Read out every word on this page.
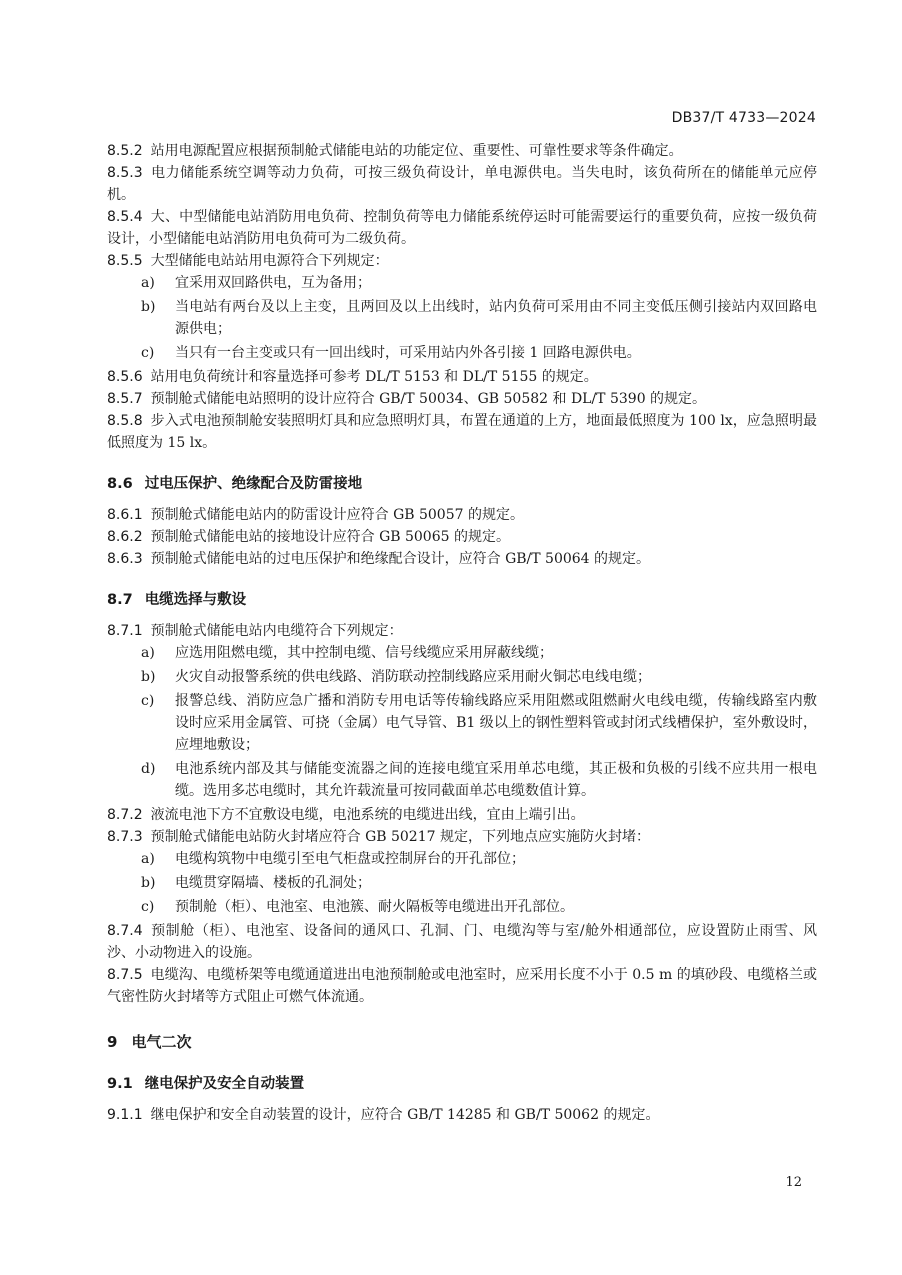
DB37/T 4733—2024

8.5.2 站用电源配置应根据预制舱式储能电站的功能定位、重要性、可靠性要求等条件确定。

8.5.3 电力储能系统空调等动力负荷，可按三级负荷设计，单电源供电。当失电时，该负荷所在的储能单元应停机。

8.5.4 大、中型储能电站消防用电负荷、控制负荷等电力储能系统停运时可能需要运行的重要负荷，应按一级负荷设计，小型储能电站消防用电负荷可为二级负荷。

8.5.5 大型储能电站站用电源符合下列规定：

a)	宜采用双回路供电，互为备用；
b)	当电站有两台及以上主变，且两回及以上出线时，站内负荷可采用由不同主变低压侧引接站内双回路电源供电；
c)	当只有一台主变或只有一回出线时，可采用站内外各引接 1 回路电源供电。

8.5.6 站用电负荷统计和容量选择可参考 DL/T 5153 和 DL/T 5155 的规定。

8.5.7 预制舱式储能电站照明的设计应符合 GB/T 50034、GB 50582 和 DL/T 5390 的规定。

8.5.8 步入式电池预制舱安装照明灯具和应急照明灯具，布置在通道的上方，地面最低照度为 100 lx，应急照明最低照度为 15 lx。

8.6 过电压保护、绝缘配合及防雷接地

8.6.1 预制舱式储能电站内的防雷设计应符合 GB 50057 的规定。

8.6.2 预制舱式储能电站的接地设计应符合 GB 50065 的规定。

8.6.3 预制舱式储能电站的过电压保护和绝缘配合设计，应符合 GB/T 50064 的规定。

8.7 电缆选择与敷设

8.7.1 预制舱式储能电站内电缆符合下列规定：

a)	应选用阻燃电缆，其中控制电缆、信号线缆应采用屏蔽线缆；
b)	火灾自动报警系统的供电线路、消防联动控制线路应采用耐火铜芯电线电缆；
c)	报警总线、消防应急广播和消防专用电话等传输线路应采用阻燃或阻燃耐火电线电缆，传输线路室内敷设时应采用金属管、可挠（金属）电气导管、B1 级以上的钢性塑料管或封闭式线槽保护，室外敷设时，应埋地敷设；
d)	电池系统内部及其与储能变流器之间的连接电缆宜采用单芯电缆，其正极和负极的引线不应共用一根电缆。选用多芯电缆时，其允许载流量可按同截面单芯电缆数值计算。

8.7.2 液流电池下方不宜敷设电缆，电池系统的电缆进出线，宜由上端引出。

8.7.3 预制舱式储能电站防火封堵应符合 GB 50217 规定，下列地点应实施防火封堵：

a)	电缆构筑物中电缆引至电气柜盘或控制屏台的开孔部位；
b)	电缆贯穿隔墙、楼板的孔洞处；
c)	预制舱（柜）、电池室、电池簇、耐火隔板等电缆进出开孔部位。

8.7.4 预制舱（柜）、电池室、设备间的通风口、孔洞、门、电缆沟等与室/舱外相通部位，应设置防止雨雪、风沙、小动物进入的设施。

8.7.5 电缆沟、电缆桥架等电缆通道进出电池预制舱或电池室时，应采用长度不小于 0.5 m 的填砂段、电缆格兰或气密性防火封堵等方式阻止可燃气体流通。

9 电气二次
9.1 继电保护及安全自动装置

9.1.1 继电保护和安全自动装置的设计，应符合 GB/T 14285 和 GB/T 50062 的规定。

12
